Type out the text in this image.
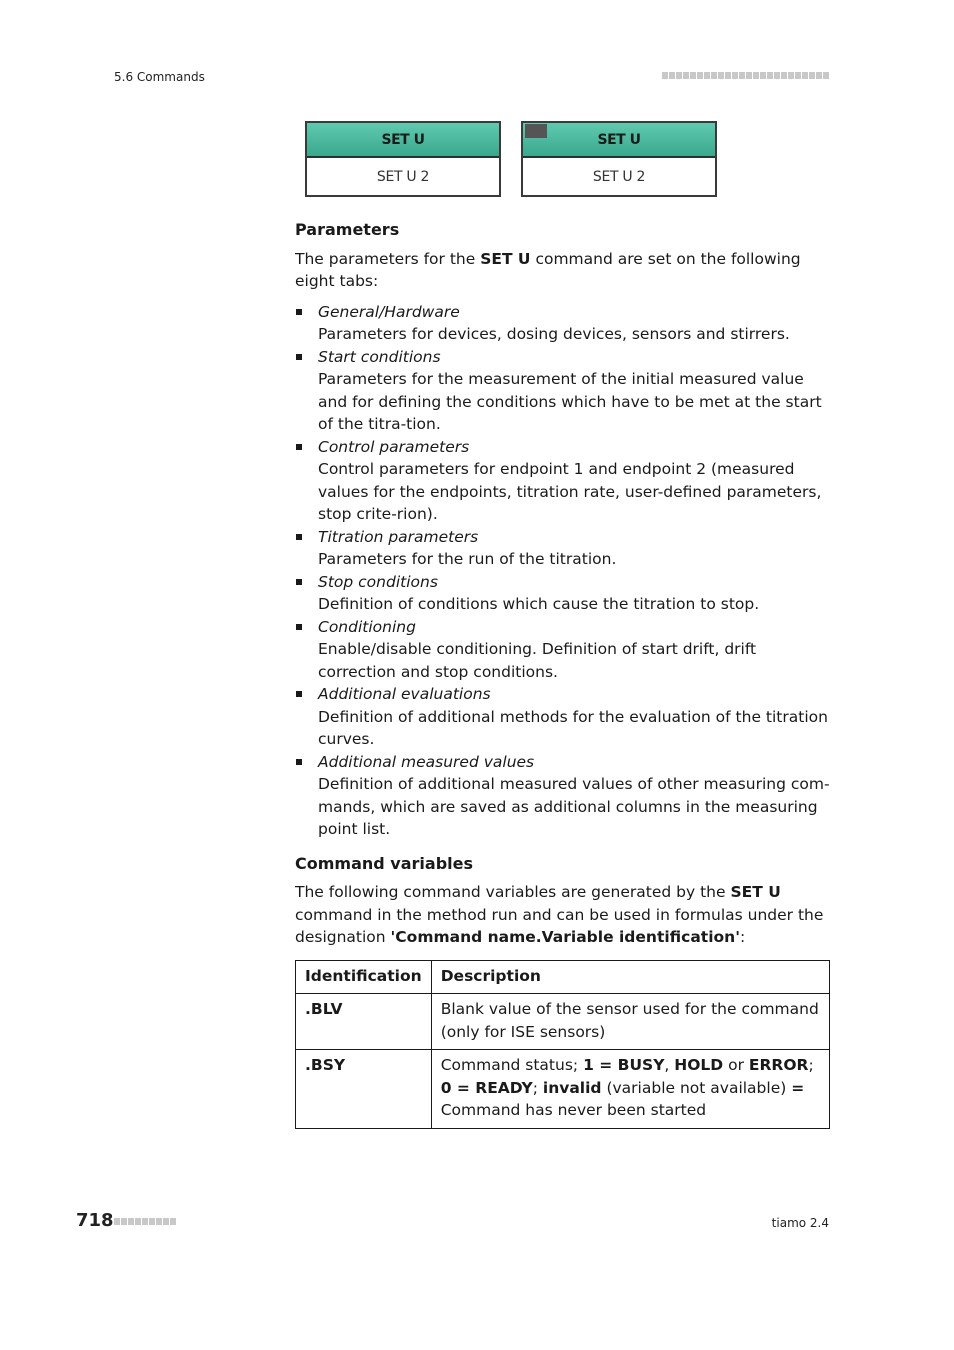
5.6 Commands
SET U
SET U 2
SET U
SET U 2
Parameters

The parameters for the SET U command are set on the following eight tabs:

General/Hardware
Parameters for devices, dosing devices, sensors and stirrers.
Start conditions
Parameters for the measurement of the initial measured value and for defining the conditions which have to be met at the start of the titra-tion.
Control parameters
Control parameters for endpoint 1 and endpoint 2 (measured values for the endpoints, titration rate, user-defined parameters, stop crite-rion).
Titration parameters
Parameters for the run of the titration.
Stop conditions
Definition of conditions which cause the titration to stop.
Conditioning
Enable/disable conditioning. Definition of start drift, drift correction and stop conditions.
Additional evaluations
Definition of additional methods for the evaluation of the titration curves.
Additional measured values
Definition of additional measured values of other measuring com-mands, which are saved as additional columns in the measuring point list.
Command variables

The following command variables are generated by the SET U command in the method run and can be used in formulas under the designation 'Command name.Variable identification':

Identification	Description
.BLV	Blank value of the sensor used for the command (only for ISE sensors)
.BSY	Command status; 1 = BUSY, HOLD or ERROR; 0 = READY; invalid (variable not available) = Command has never been started
718	tiamo 2.4
